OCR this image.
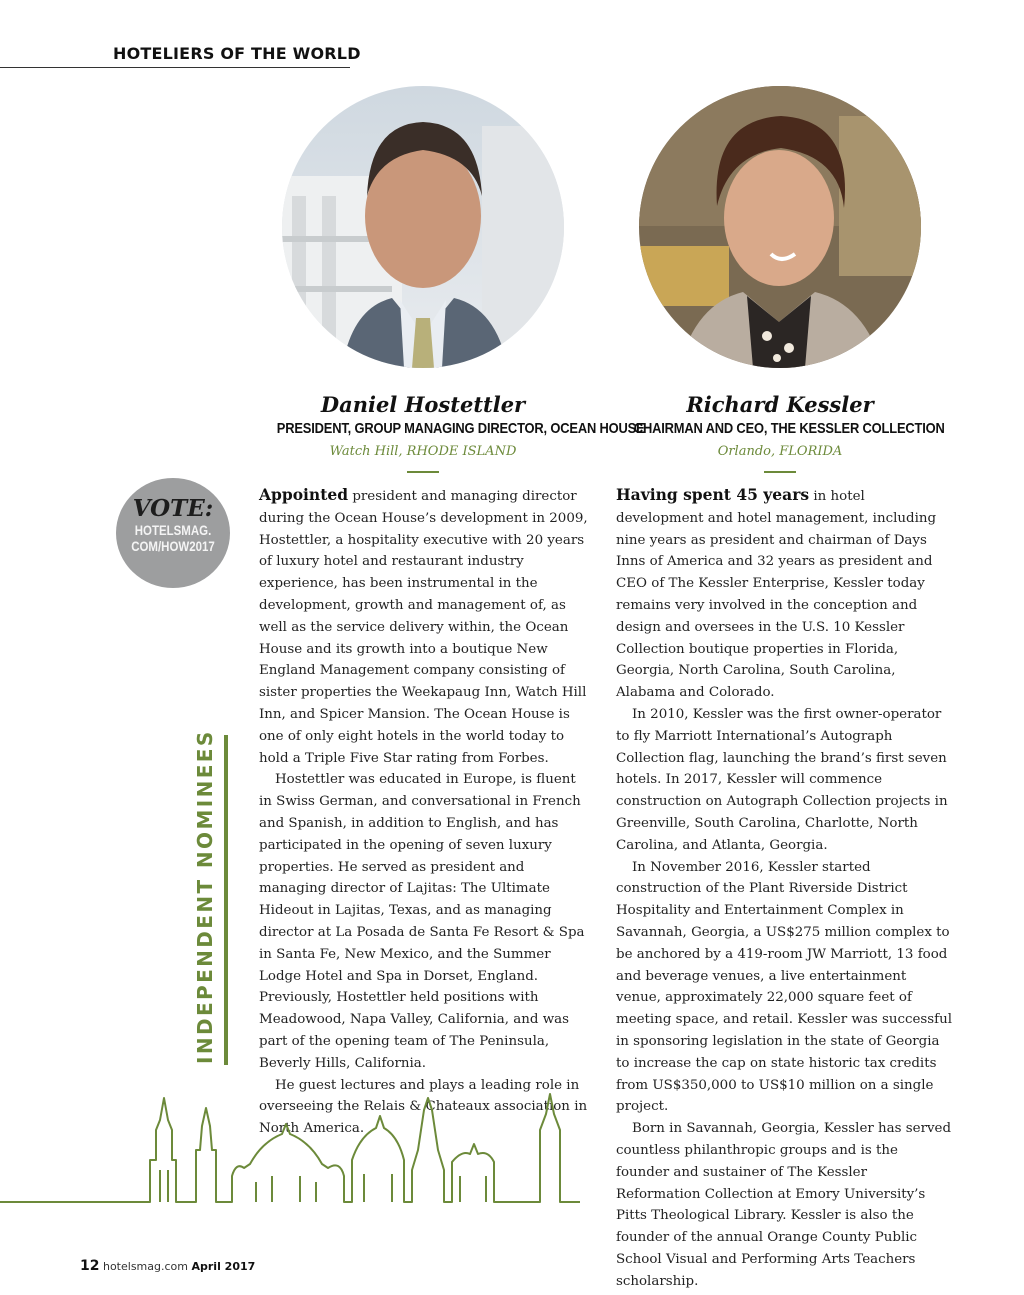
HOTELIERS OF THE WORLD
Daniel Hostettler
PRESIDENT, GROUP MANAGING DIRECTOR, OCEAN HOUSE
Watch Hill, RHODE ISLAND
Richard Kessler
CHAIRMAN AND CEO, THE KESSLER COLLECTION
Orlando, FLORIDA
VOTE:
HOTELSMAG.
COM/HOW2017
INDEPENDENT NOMINEES

Appointed president and managing director during the Ocean House’s development in 2009, Hostettler, a hospitality executive with 20 years of luxury hotel and restaurant industry experience, has been instrumental in the development, growth and management of, as well as the service delivery within, the Ocean House and its growth into a boutique New England Management company consisting of sister properties the Weekapaug Inn, Watch Hill Inn, and Spicer Mansion. The Ocean House is one of only eight hotels in the world today to hold a Triple Five Star rating from Forbes.

Hostettler was educated in Europe, is fluent in Swiss German, and conversational in French and Spanish, in addition to English, and has participated in the opening of seven luxury properties. He served as president and managing director of Lajitas: The Ultimate Hideout in Lajitas, Texas, and as managing director at La Posada de Santa Fe Resort & Spa in Santa Fe, New Mexico, and the Summer Lodge Hotel and Spa in Dorset, England. Previously, Hostettler held positions with Meadowood, Napa Valley, California, and was part of the opening team of The Peninsula, Beverly Hills, California.

He guest lectures and plays a leading role in overseeing the Relais & Chateaux association in North America.

Having spent 45 years in hotel development and hotel management, including nine years as president and chairman of Days Inns of America and 32 years as president and CEO of The Kessler Enterprise, Kessler today remains very involved in the conception and design and oversees in the U.S. 10 Kessler Collection boutique properties in Florida, Georgia, North Carolina, South Carolina, Alabama and Colorado.

In 2010, Kessler was the first owner-operator to fly Marriott International’s Autograph Collection flag, launching the brand’s first seven hotels. In 2017, Kessler will commence construction on Autograph Collection projects in Greenville, South Carolina, Charlotte, North Carolina, and Atlanta, Georgia.

In November 2016, Kessler started construction of the Plant Riverside District Hospitality and Entertainment Complex in Savannah, Georgia, a US$275 million complex to be anchored by a 419-room JW Marriott, 13 food and beverage venues, a live entertainment venue, approximately 22,000 square feet of meeting space, and retail. Kessler was successful in sponsoring legislation in the state of Georgia to increase the cap on state historic tax credits from US$350,000 to US$10 million on a single project.

Born in Savannah, Georgia, Kessler has served countless philanthropic groups and is the founder and sustainer of The Kessler Reformation Collection at Emory University’s Pitts Theological Library. Kessler is also the founder of the annual Orange County Public School Visual and Performing Arts Teachers scholarship.

12 hotelsmag.com April 2017
